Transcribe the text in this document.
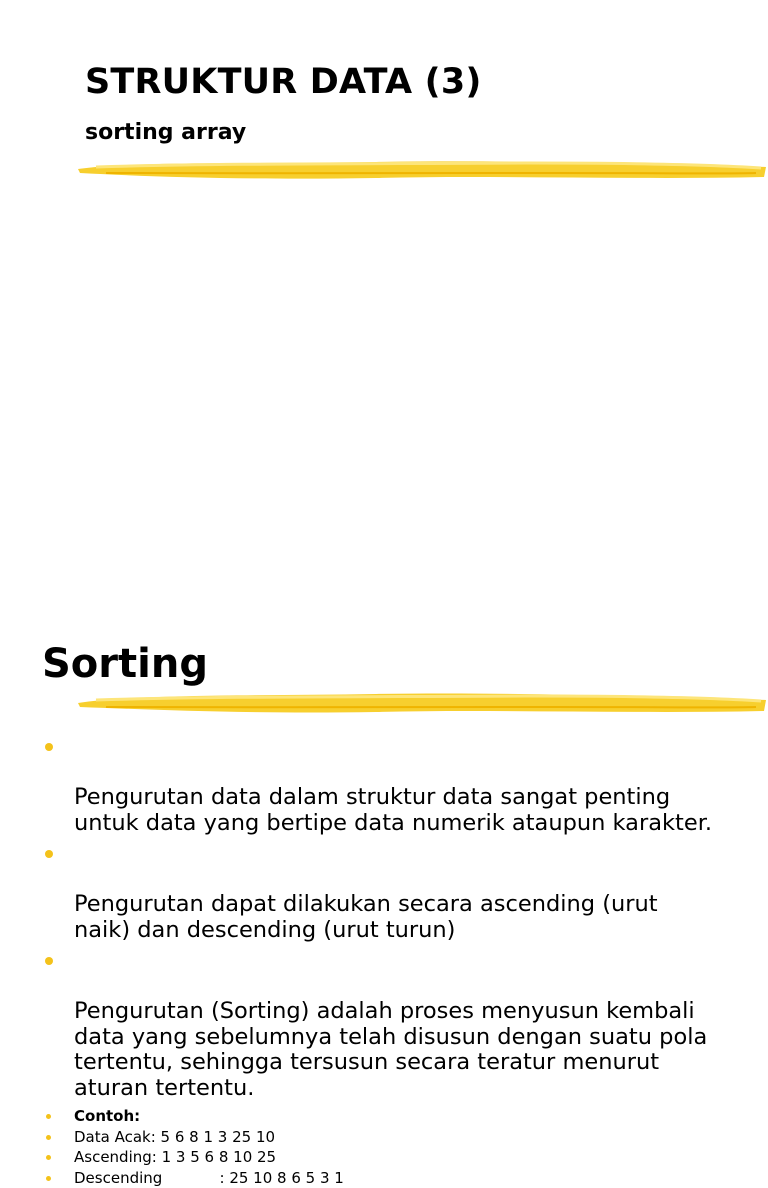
STRUKTUR DATA (3)
sorting array
Sorting

Pengurutan data dalam struktur data sangat penting
untuk data yang bertipe data numerik ataupun karakter.

Pengurutan dapat dilakukan secara ascending (urut
naik) dan descending (urut turun)

Pengurutan (Sorting) adalah proses menyusun kembali
data yang sebelumnya telah disusun dengan suatu pola
tertentu, sehingga tersusun secara teratur menurut
aturan tertentu.

Contoh:
Data Acak: 5 6 8 1 3 25 10
Ascending: 1 3 5 6 8 10 25
Descending            : 25 10 8 6 5 3 1
